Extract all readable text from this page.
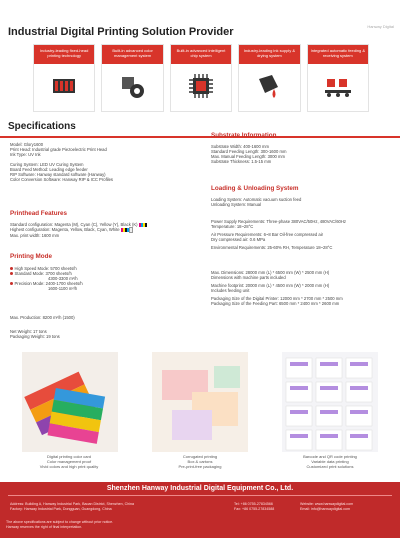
Industrial Digital Printing Solution Provider	Hanway Digital
Industry-leading fixed-head printing technology
Built-in advanced color management system
Built-in advanced intelligent chip system
Industry-leading ink supply & drying system
Integrated automatic feeding & receiving system
Specifications
Model: Glory1600
Print Head: Industrial grade Piezoelectric Print Head
Ink Type: UV Ink
Curing System: LED UV Curing System
Board Feed Method: Leading edge feeder
RIP Software: Hanway standard software (Hanway)
Color Conversion Software: Hanway RIP & ICC Profiles
Printhead Features
Standard configuration: Magenta (M), Cyan (C), Yellow (Y), Black (K)
Highest configuration: Magenta, Yellow, Black, Cyan, White
Max. print width: 1600 mm
Printing Mode
High Speed Mode: 5700 sheets/h
Standard Mode: 3700 sheets/h
4300-3300 m²/h
Precision Mode: 2400-1700 sheets/h
1600-1100 m²/h
Max. Production: 8200 m²/h (1500)
Net Weight: 17 tons
Packaging Weight: 19 tons
Substrate Information
Substrate Width: 400-1600 mm
Standard Feeding Length: 300-1600 mm
Max. Manual Feeding Length: 3000 mm
Substrate Thickness: 1.5-15 mm
Loading & Unloading System
Loading System: Automatic vacuum suction feed
Unloading System: Manual
Power Supply Requirements: Three-phase 380VAC/50Hz, 480VAC/60Hz
Temperature: 18~28°C
Air Pressure Requirements: 6~8 Bar Oil-free compressed air
Dry compressed air: 0.6 MPa
Environmental Requirements: 25-60% RH, Temperature 18~28°C
Max. Dimensions: 28000 mm (L) * 6500 mm (W) * 2500 mm (H)
Dimensions with machine parts included
Machine footprint: 20000 mm (L) * 4500 mm (W) * 2000 mm (H)
Includes feeding unit
Packaging Size of the Digital Printer: 12000 mm * 2700 mm * 2500 mm
Packaging Size of the Feeding Part: 6500 mm * 2400 mm * 2600 mm
Digital printing color card
Color management proof
Vivid colors and high print quality
Corrugated printing
Box & cartons
Pre-print-free packaging
Barcode and QR code printing
Variable data printing
Customized print solutions
Shenzhen Hanway Industrial Digital Equipment Co., Ltd.
Address: Building A, Hanway Industrial Park, Baoan District, Shenzhen, China
Factory: Hanway Industrial Park, Dongguan, Guangdong, China
Tel: +86 0755-27834566
Fax: +86 0755-27834588
Website: www.hanwaydigital.com
Email: info@hanwaydigital.com
The above specifications are subject to change without prior notice.
Hanway reserves the right of final interpretation.
